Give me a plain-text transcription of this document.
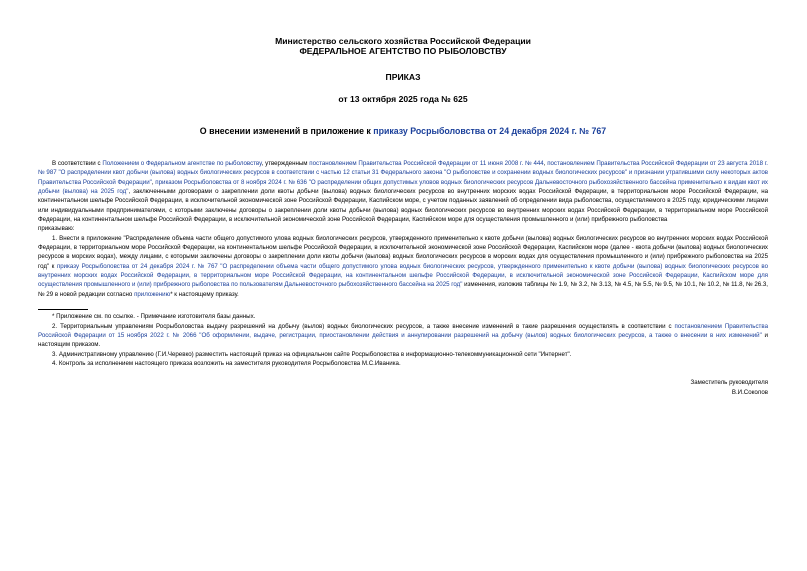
Министерство сельского хозяйства Российской Федерации
ФЕДЕРАЛЬНОЕ АГЕНТСТВО ПО РЫБОЛОВСТВУ
ПРИКАЗ
от 13 октября 2025 года № 625
О внесении изменений в приложение к приказу Росрыболовства от 24 декабря 2024 г. № 767

В соответствии с Положением о Федеральном агентстве по рыболовству, утвержденным постановлением Правительства Российской Федерации от 11 июня 2008 г. № 444, постановлением Правительства Российской Федерации от 23 августа 2018 г. № 987 "О распределении квот добычи (вылова) водных биологических ресурсов в соответствии с частью 12 статьи 31 Федерального закона "О рыболовстве и сохранении водных биологических ресурсов" и признании утратившими силу некоторых актов Правительства Российской Федерации", приказом Росрыболовства от 8 ноября 2024 г. № 636 "О распределении общих допустимых уловов водных биологических ресурсов Дальневосточного рыбохозяйственного бассейна применительно к видам квот их добычи (вылова) на 2025 год", заключенными договорами о закреплении доли квоты добычи (вылова) водных биологических ресурсов во внутренних морских водах Российской Федерации, в территориальном море Российской Федерации, на континентальном шельфе Российской Федерации, в исключительной экономической зоне Российской Федерации, Каспийском море, с учетом поданных заявлений об определении вида рыболовства, осуществляемого в 2025 году, юридическими лицами или индивидуальными предпринимателями, с которыми заключены договоры о закреплении доли квоты добычи (вылова) водных биологических ресурсов во внутренних морских водах Российской Федерации, в территориальном море Российской Федерации, на континентальном шельфе Российской Федерации, в исключительной экономической зоне Российской Федерации, Каспийском море для осуществления промышленного и (или) прибрежного рыболовства

приказываю:

1. Внести в приложение "Распределение объема части общего допустимого улова водных биологических ресурсов, утвержденного применительно к квоте добычи (вылова) водных биологических ресурсов во внутренних морских водах Российской Федерации, в территориальном море Российской Федерации, на континентальном шельфе Российской Федерации, в исключительной экономической зоне Российской Федерации, Каспийском море (далее - квота добычи (вылова) водных биологических ресурсов в морских водах), между лицами, с которыми заключены договоры о закреплении доли квоты добычи (вылова) водных биологических ресурсов в морских водах для осуществления промышленного и (или) прибрежного рыболовства на 2025 год" к приказу Росрыболовства от 24 декабря 2024 г. № 767 "О распределении объема части общего допустимого улова водных биологических ресурсов, утвержденного применительно к квоте добычи (вылова) водных биологических ресурсов во внутренних морских водах Российской Федерации, в территориальном море Российской Федерации, на континентальном шельфе Российской Федерации, в исключительной экономической зоне Российской Федерации, Каспийском море для осуществления промышленного и (или) прибрежного рыболовства по пользователям Дальневосточного рыбохозяйственного бассейна на 2025 год" изменения, изложив таблицы № 1.9, № 3.2, № 3.13, № 4.5, № 5.5, № 9.5, № 10.1, № 10.2, № 11.8, № 26.3, № 29 в новой редакции согласно приложению* к настоящему приказу.

* Приложение см. по ссылке. - Примечание изготовителя базы данных.

2. Территориальным управлениям Росрыболовства выдачу разрешений на добычу (вылов) водных биологических ресурсов, а также внесение изменений в такие разрешения осуществлять в соответствии с постановлением Правительства Российской Федерации от 15 ноября 2022 г. № 2066 "Об оформлении, выдаче, регистрации, приостановлении действия и аннулировании разрешений на добычу (вылов) водных биологических ресурсов, а также о внесении в них изменений" и настоящим приказом.

3. Административному управлению (Г.И.Черевко) разместить настоящий приказ на официальном сайте Росрыболовства в информационно-телекоммуникационной сети "Интернет".

4. Контроль за исполнением настоящего приказа возложить на заместителя руководителя Росрыболовства М.С.Иваника.

Заместитель руководителя
В.И.Соколов
